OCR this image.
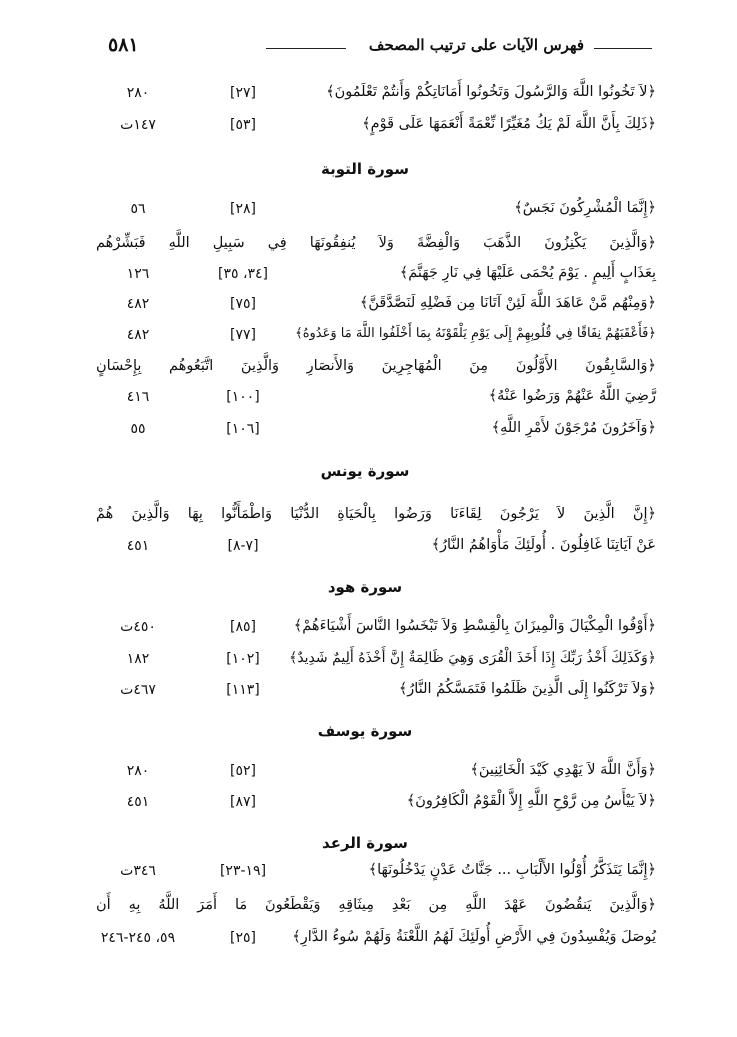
٥٨١	فهرس الآيات على ترتيب المصحف
﴿لاَ تَخُونُوا اللَّهَ وَالرَّسُولَ وَتَخُونُوا أَمَانَاتِكُمْ وَأَنتُمْ تَعْلَمُونَ﴾
[٢٧]
٢٨٠
﴿ذَلِكَ بِأَنَّ اللَّهَ لَمْ يَكُ مُغَيِّرًا نِّعْمَةً أَنْعَمَهَا عَلَى قَوْمٍ﴾
[٥٣]
١٤٧ت
سورة التوبة
﴿إِنَّمَا الْمُشْرِكُونَ نَجَسٌ﴾
[٢٨]
٥٦
﴿وَالَّذِينَ يَكْنِزُونَ الذَّهَبَ وَالْفِضَّةَ وَلاَ يُنفِقُونَهَا فِي سَبِيلِ اللَّهِ فَبَشِّرْهُم
بِعَذَابٍ أَلِيمٍ . يَوْمَ يُحْمَى عَلَيْهَا فِي نَارِ جَهَنَّمَ﴾
[٣٤، ٣٥]
١٢٦
﴿وَمِنْهُم مَّنْ عَاهَدَ اللَّهَ لَئِنْ آتَانَا مِن فَضْلِهِ لَنَصَّدَّقَنَّ﴾
[٧٥]
٤٨٢
﴿فَأَعْقَبَهُمْ نِفَاقًا فِي قُلُوبِهِمْ إِلَى يَوْمِ يَلْقَوْنَهُ بِمَا أَخْلَفُوا اللَّهَ مَا وَعَدُوهُ﴾
[٧٧]
٤٨٢
﴿وَالسَّابِقُونَ الأَوَّلُونَ مِنَ الْمُهَاجِرِينَ وَالأَنصَارِ وَالَّذِينَ اتَّبَعُوهُم بِإِحْسَانٍ
رَّضِيَ اللَّهُ عَنْهُمْ وَرَضُوا عَنْهُ﴾
[١٠٠]
٤١٦
﴿وَآخَرُونَ مُرْجَوْنَ لأَمْرِ اللَّهِ﴾
[١٠٦]
٥٥
سورة يونس
﴿إِنَّ الَّذِينَ لاَ يَرْجُونَ لِقَاءَنَا وَرَضُوا بِالْحَيَاةِ الدُّنْيَا وَاطْمَأَنُّوا بِهَا وَالَّذِينَ هُمْ
عَنْ آيَاتِنَا غَافِلُونَ . أُولَئِكَ مَأْوَاهُمُ النَّارُ﴾
[٧-٨]
٤٥١
سورة هود
﴿أَوْفُوا الْمِكْيَالَ وَالْمِيزَانَ بِالْقِسْطِ وَلاَ تَبْخَسُوا النَّاسَ أَشْيَاءَهُمْ﴾
[٨٥]
٤٥٠ت
﴿وَكَذَلِكَ أَخْذُ رَبِّكَ إِذَا أَخَذَ الْقُرَى وَهِيَ ظَالِمَةٌ إِنَّ أَخْذَهُ أَلِيمٌ شَدِيدٌ﴾
[١٠٢]
١٨٢
﴿وَلاَ تَرْكَنُوا إِلَى الَّذِينَ ظَلَمُوا فَتَمَسَّكُمُ النَّارُ﴾
[١١٣]
٤٦٧ت
سورة يوسف
﴿وَأَنَّ اللَّهَ لاَ يَهْدِي كَيْدَ الْخَائِنِينَ﴾
[٥٢]
٢٨٠
﴿لاَ يَيْأَسُ مِن رَّوْحِ اللَّهِ إِلاَّ الْقَوْمُ الْكَافِرُونَ﴾
[٨٧]
٤٥١
سورة الرعد
﴿إِنَّمَا يَتَذَكَّرُ أُوْلُوا الأَلْبَابِ ... جَنَّاتُ عَدْنٍ يَدْخُلُونَهَا﴾
[١٩-٢٣]
٣٤٦ت
﴿وَالَّذِينَ يَنقُضُونَ عَهْدَ اللَّهِ مِن بَعْدِ مِيثَاقِهِ وَيَقْطَعُونَ مَا أَمَرَ اللَّهُ بِهِ أَن
يُوصَلَ وَيُفْسِدُونَ فِي الأَرْضِ أُولَئِكَ لَهُمُ اللَّعْنَةُ وَلَهُمْ سُوءُ الدَّارِ﴾
[٢٥]
٥٩، ٢٤٥-٢٤٦
